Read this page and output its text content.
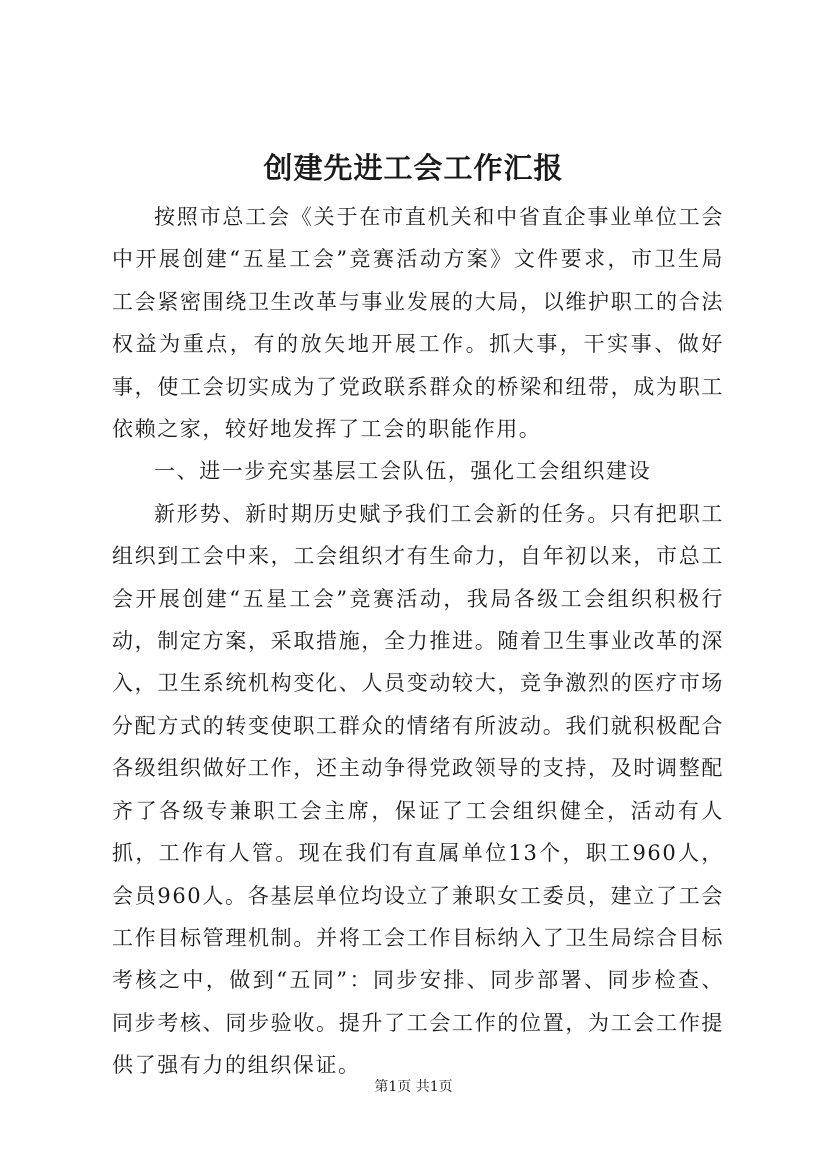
创建先进工会工作汇报

按照市总工会《关于在市直机关和中省直企事业单位工会中开展创建“五星工会”竞赛活动方案》文件要求，市卫生局工会紧密围绕卫生改革与事业发展的大局，以维护职工的合法权益为重点，有的放矢地开展工作。抓大事，干实事、做好事，使工会切实成为了党政联系群众的桥梁和纽带，成为职工依赖之家，较好地发挥了工会的职能作用。

一、进一步充实基层工会队伍，强化工会组织建设

新形势、新时期历史赋予我们工会新的任务。只有把职工组织到工会中来，工会组织才有生命力，自年初以来，市总工会开展创建“五星工会”竞赛活动，我局各级工会组织积极行动，制定方案，采取措施，全力推进。随着卫生事业改革的深入，卫生系统机构变化、人员变动较大，竞争激烈的医疗市场分配方式的转变使职工群众的情绪有所波动。我们就积极配合各级组织做好工作，还主动争得党政领导的支持，及时调整配齐了各级专兼职工会主席，保证了工会组织健全，活动有人抓，工作有人管。现在我们有直属单位13个，职工960人，会员960人。各基层单位均设立了兼职女工委员，建立了工会工作目标管理机制。并将工会工作目标纳入了卫生局综合目标考核之中，做到“五同”：同步安排、同步部署、同步检查、同步考核、同步验收。提升了工会工作的位置，为工会工作提供了强有力的组织保证。

第1页 共1页
